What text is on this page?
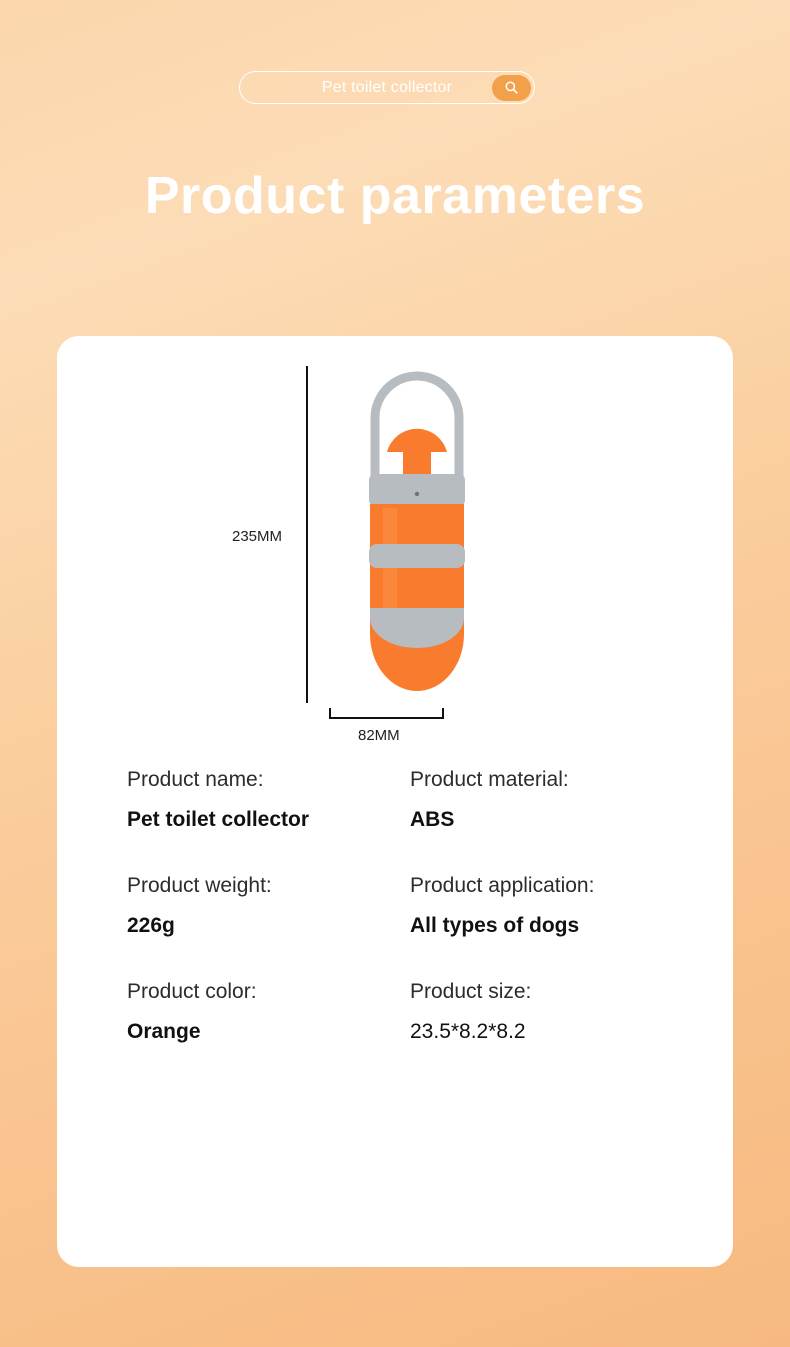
Pet toilet collector
Product parameters
235MM
82MM
Product name:
Pet toilet collector
Product material:
ABS
Product weight:
226g
Product application:
All types of dogs
Product color:
Orange
Product size:
23.5*8.2*8.2
